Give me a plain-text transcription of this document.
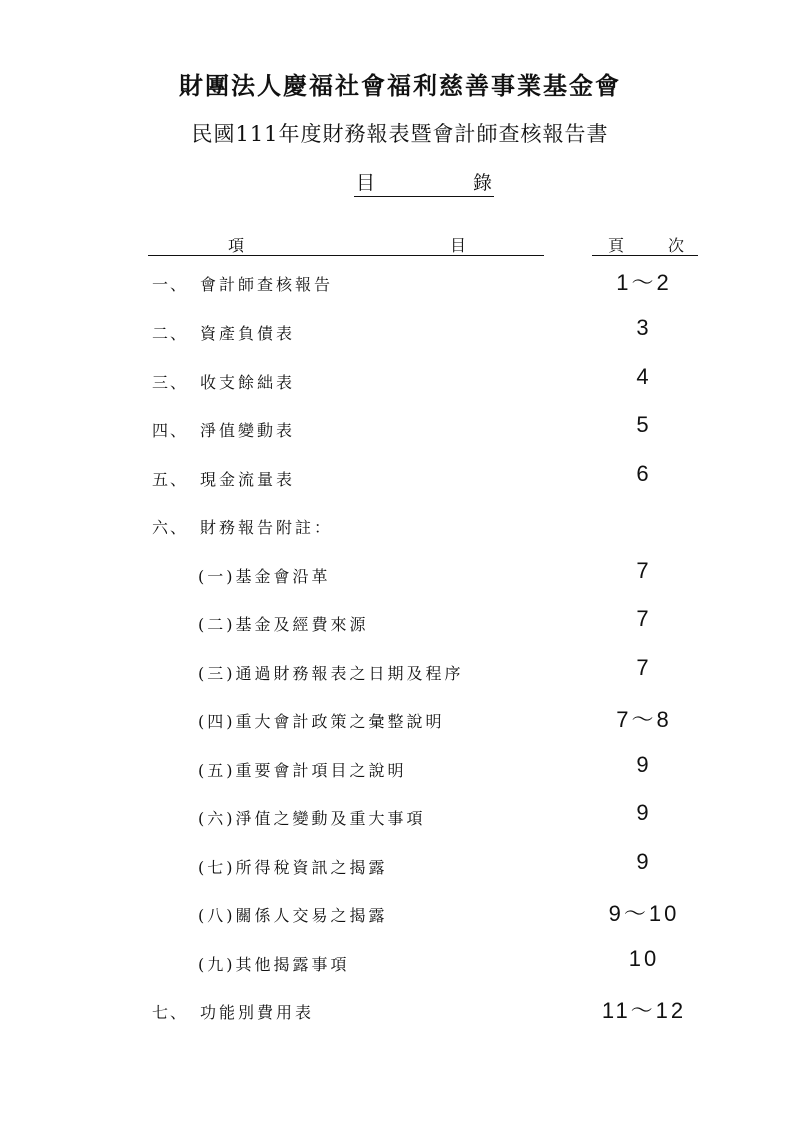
財團法人慶福社會福利慈善事業基金會
民國111年度財務報表暨會計師查核報告書
目	錄
項	目	頁	次
一、 會計師查核報告	1～2
二、 資產負債表	3
三、 收支餘絀表	4
四、 淨值變動表	5
五、 現金流量表	6
六、 財務報告附註：
(一)基金會沿革	7
(二)基金及經費來源	7
(三)通過財務報表之日期及程序	7
(四)重大會計政策之彙整說明	7～8
(五)重要會計項目之說明	9
(六)淨值之變動及重大事項	9
(七)所得稅資訊之揭露	9
(八)關係人交易之揭露	9～10
(九)其他揭露事項	10
七、 功能別費用表	11～12
